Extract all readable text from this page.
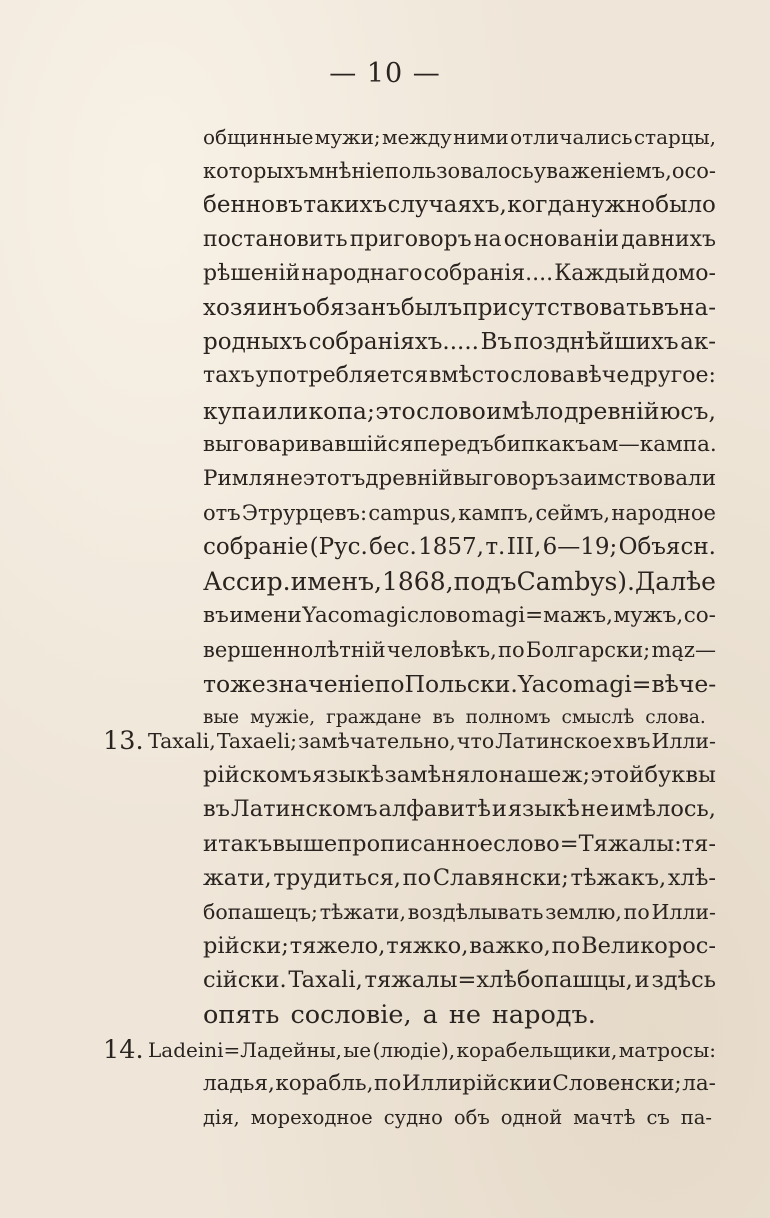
— 10 —
общинные мужи; между ними отличались старцы,
которыхъ мнѣніе пользовалось уваженіемъ, осо-
бенно въ такихъ случаяхъ, когда нужно было
постановить приговоръ на основаніи давнихъ
рѣшеній народнаго собранія.... Каждый домо-
хозяинъ обязанъ былъ присутствовать въ на-
родныхъ собраніяхъ..... Въ позднѣйшихъ ак-
тахъ употребляется вмѣсто слова вѣче другое:
купа или копа; это слово имѣло древній юсъ,
выговаривавшійся передъ б и п какъ ам—кампа.
Римляне этотъ древній выговоръ заимствовали
отъ Этрурцевъ: campus, кампъ, сеймъ, народное
собраніе (Рус. бес. 1857, т. III, 6—19; Объясн.
Ассир. именъ, 1868, подъ Camb y s). Далѣе
въ имени Yacomagi слово magi=мажъ, мужъ, со-
вершеннолѣтній человѣкъ, по Болгарски; mąz—
тоже значеніе по Польски. Yacomagi=вѣче-
вые мужіе, граждане въ полномъ смыслѣ слова.
13. Taxali, Taxaeli; замѣчательно, что Латинское x въ Илли-
рійскомъ языкѣ замѣняло наше ж; этой буквы
въ Латинскомъ алфавитѣ и языкѣ не имѣлось,
и такъ вышепрописанное слово=Тяжалы: тя-
жати, трудиться, по Славянски; тѣжакъ, хлѣ-
бопашецъ; тѣжати, воздѣлывать землю, по Илли-
рійски; тяжело, тяжко, важко, по Великорос-
сійски. Taxali, тяжалы=хлѣбопашцы, и здѣсь
опять сословіе, а не народъ.
14. Ladeini=Ладейны, ые (людіе), корабельщики, матросы:
ладья, корабль, по Иллирійски и Словенски; ла-
дія, мореходное судно объ одной мачтѣ съ па-
